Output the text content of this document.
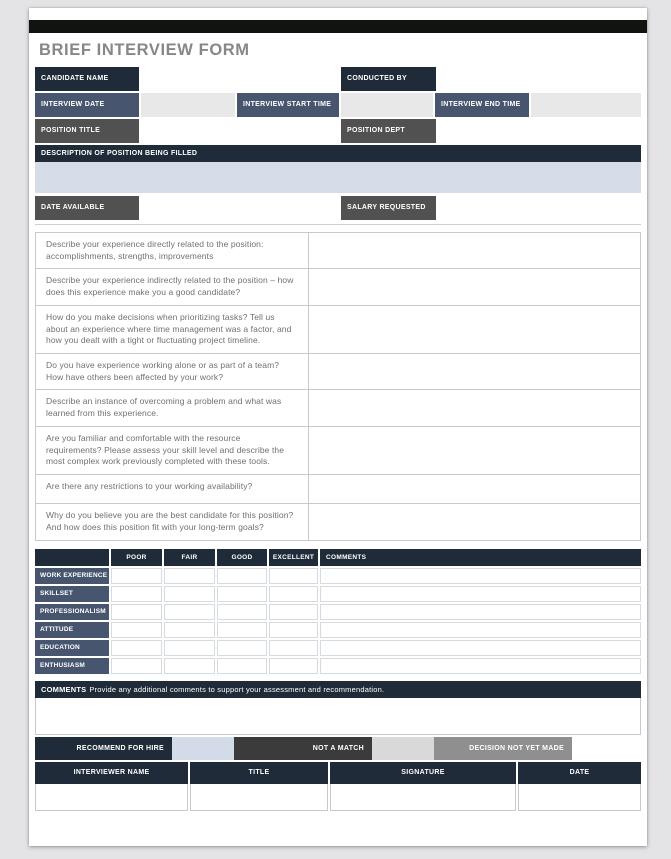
BRIEF INTERVIEW FORM
CANDIDATE NAME	CONDUCTED BY
INTERVIEW DATE	INTERVIEW START TIME	INTERVIEW END TIME
POSITION TITLE	POSITION DEPT
DESCRIPTION OF POSITION BEING FILLED
DATE AVAILABLE	SALARY REQUESTED
Describe your experience directly related to the position: accomplishments, strengths, improvements
Describe your experience indirectly related to the position – how does this experience make you a good candidate?
How do you make decisions when prioritizing tasks? Tell us about an experience where time management was a factor, and how you dealt with a tight or fluctuating project timeline.
Do you have experience working alone or as part of a team? How have others been affected by your work?
Describe an instance of overcoming a problem and what was learned from this experience.
Are you familiar and comfortable with the resource requirements? Please assess your skill level and describe the most complex work previously completed with these tools.
Are there any restrictions to your working availability?
Why do you believe you are the best candidate for this position? And how does this position fit with your long-term goals?
POOR	FAIR	GOOD	EXCELLENT	COMMENTS
WORK EXPERIENCE
SKILLSET
PROFESSIONALISM
ATTITUDE
EDUCATION
ENTHUSIASM
COMMENTS Provide any additional comments to support your assessment and recommendation.
RECOMMEND FOR HIRE	NOT A MATCH	DECISION NOT YET MADE
INTERVIEWER NAME	TITLE	SIGNATURE	DATE
